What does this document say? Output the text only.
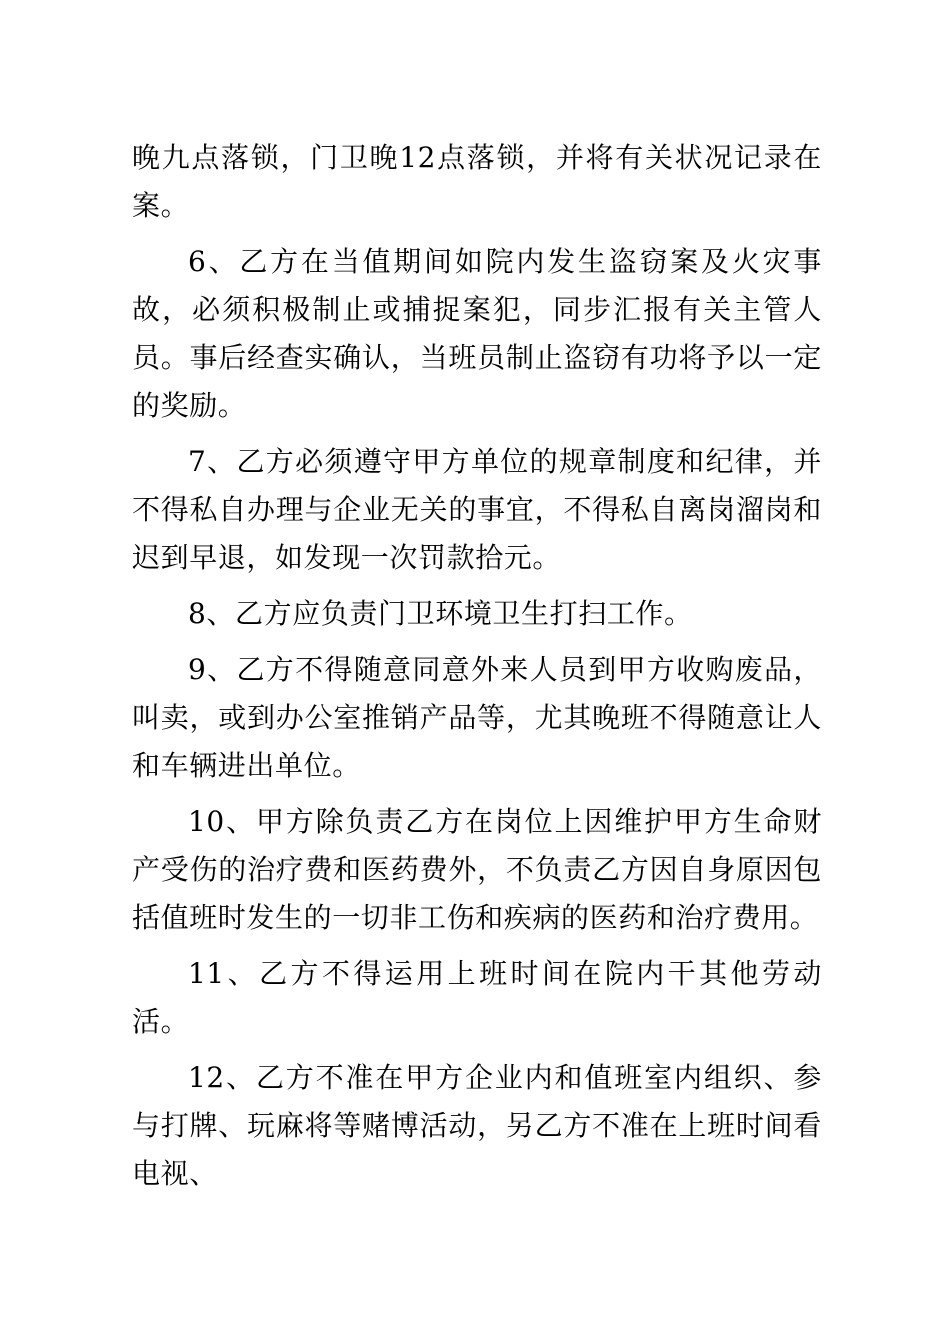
晚九点落锁，门卫晚12点落锁，并将有关状况记录在案。

6、乙方在当值期间如院内发生盗窃案及火灾事故，必须积极制止或捕捉案犯，同步汇报有关主管人员。事后经查实确认，当班员制止盗窃有功将予以一定的奖励。

7、乙方必须遵守甲方单位的规章制度和纪律，并不得私自办理与企业无关的事宜，不得私自离岗溜岗和迟到早退，如发现一次罚款拾元。

8、乙方应负责门卫环境卫生打扫工作。

9、乙方不得随意同意外来人员到甲方收购废品，叫卖，或到办公室推销产品等，尤其晚班不得随意让人和车辆进出单位。

10、甲方除负责乙方在岗位上因维护甲方生命财产受伤的治疗费和医药费外，不负责乙方因自身原因包括值班时发生的一切非工伤和疾病的医药和治疗费用。

11、乙方不得运用上班时间在院内干其他劳动活。

12、乙方不准在甲方企业内和值班室内组织、参与打牌、玩麻将等赌博活动，另乙方不准在上班时间看电视、
